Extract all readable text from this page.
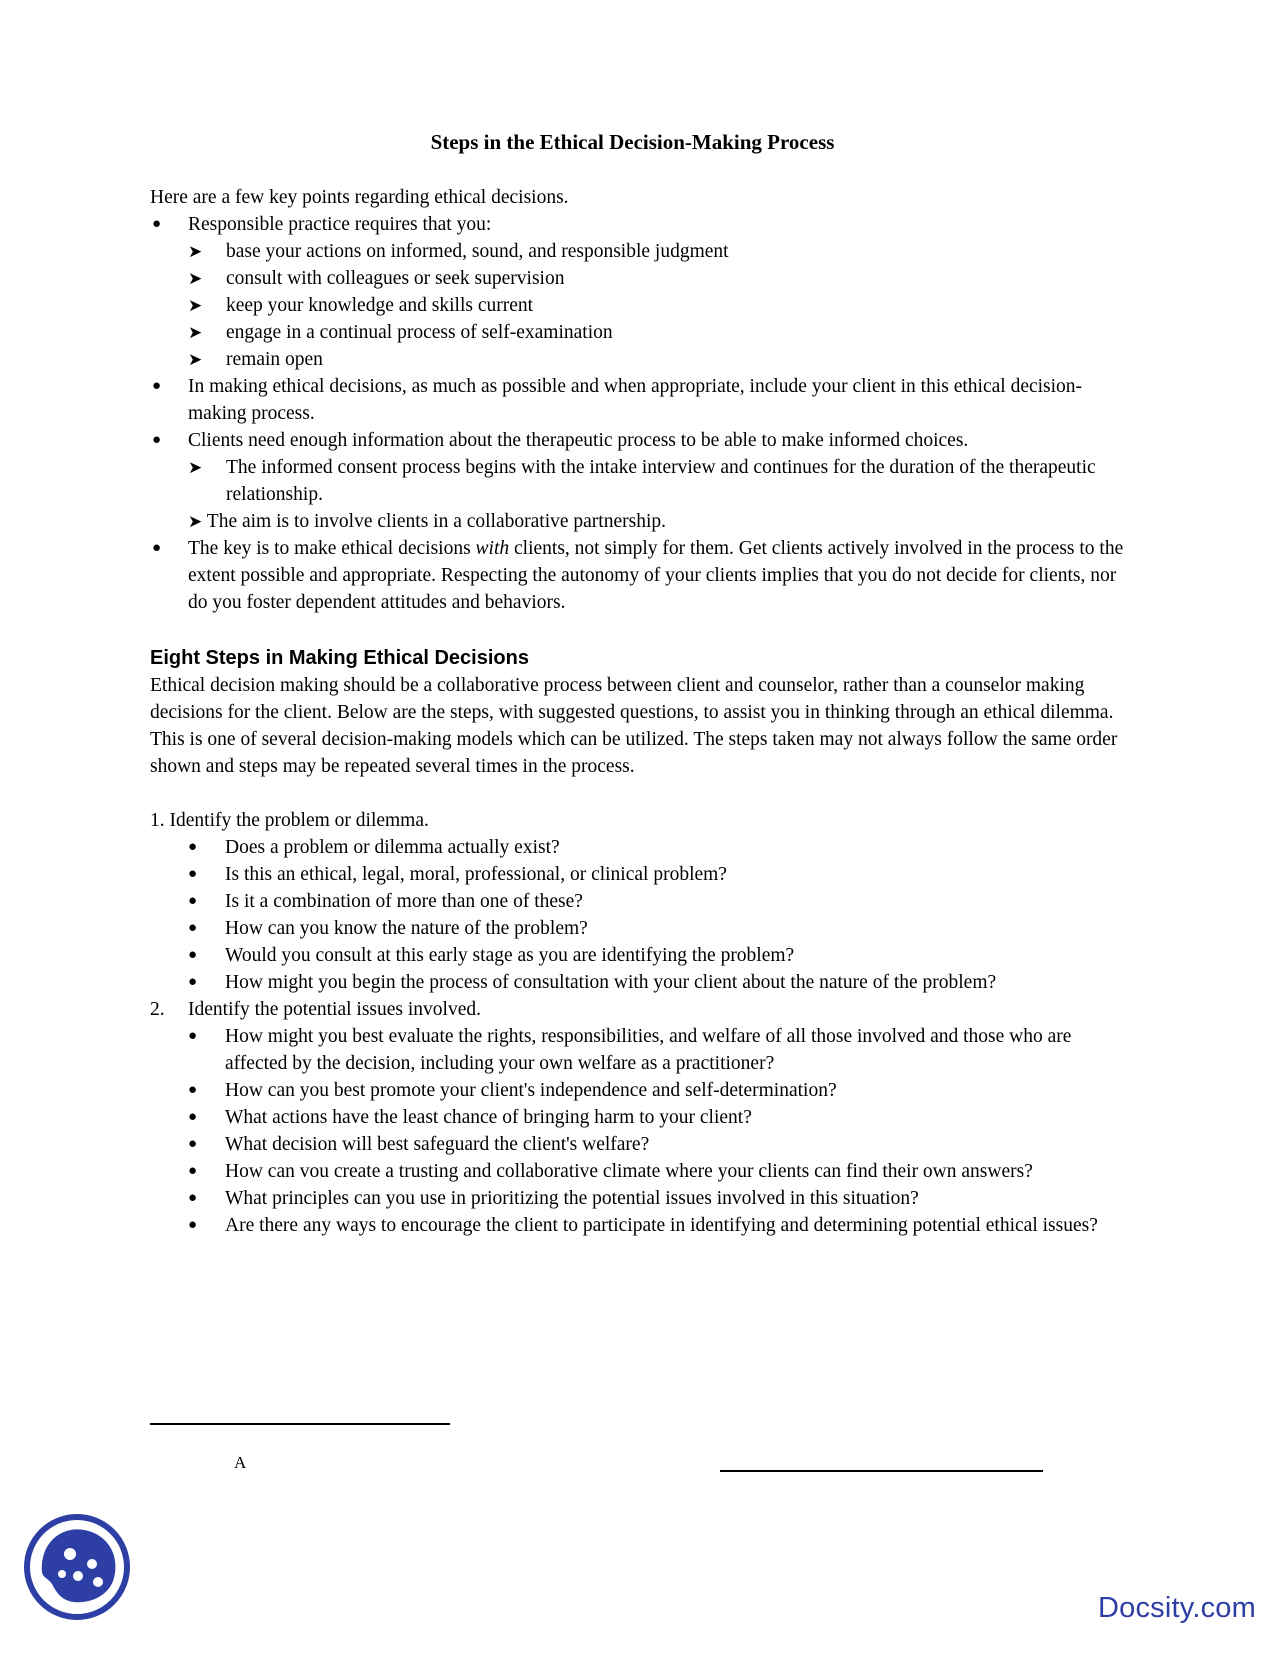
Steps in the Ethical Decision-Making Process

Here are a few key points regarding ethical decisions.

● Responsible practice requires that you:
➤ base your actions on informed, sound, and responsible judgment
➤ consult with colleagues or seek supervision
➤ keep your knowledge and skills current
➤ engage in a continual process of self-examination
➤ remain open
● In making ethical decisions, as much as possible and when appropriate, include your client in this ethical decision-making process.
● Clients need enough information about the therapeutic process to be able to make informed choices.
➤ The informed consent process begins with the intake interview and continues for the duration of the therapeutic relationship.
➤ The aim is to involve clients in a collaborative partnership.
● The key is to make ethical decisions with clients, not simply for them. Get clients actively involved in the process to the extent possible and appropriate. Respecting the autonomy of your clients implies that you do not decide for clients, nor do you foster dependent attitudes and behaviors.
Eight Steps in Making Ethical Decisions

Ethical decision making should be a collaborative process between client and counselor, rather than a counselor making decisions for the client. Below are the steps, with suggested questions, to assist you in thinking through an ethical dilemma. This is one of several decision-making models which can be utilized. The steps taken may not always follow the same order shown and steps may be repeated several times in the process.

1. Identify the problem or dilemma.

● Does a problem or dilemma actually exist?
● Is this an ethical, legal, moral, professional, or clinical problem?
● Is it a combination of more than one of these?
● How can you know the nature of the problem?
● Would you consult at this early stage as you are identifying the problem?
● How might you begin the process of consultation with your client about the nature of the problem?

2. Identify the potential issues involved.

● How might you best evaluate the rights, responsibilities, and welfare of all those involved and those who are affected by the decision, including your own welfare as a practitioner?
● How can you best promote your client's independence and self-determination?
● What actions have the least chance of bringing harm to your client?
● What decision will best safeguard the client's welfare?
● How can vou create a trusting and collaborative climate where your clients can find their own answers?
● What principles can you use in prioritizing the potential issues involved in this situation?
● Are there any ways to encourage the client to participate in identifying and determining potential ethical issues?
A
Docsity.com
